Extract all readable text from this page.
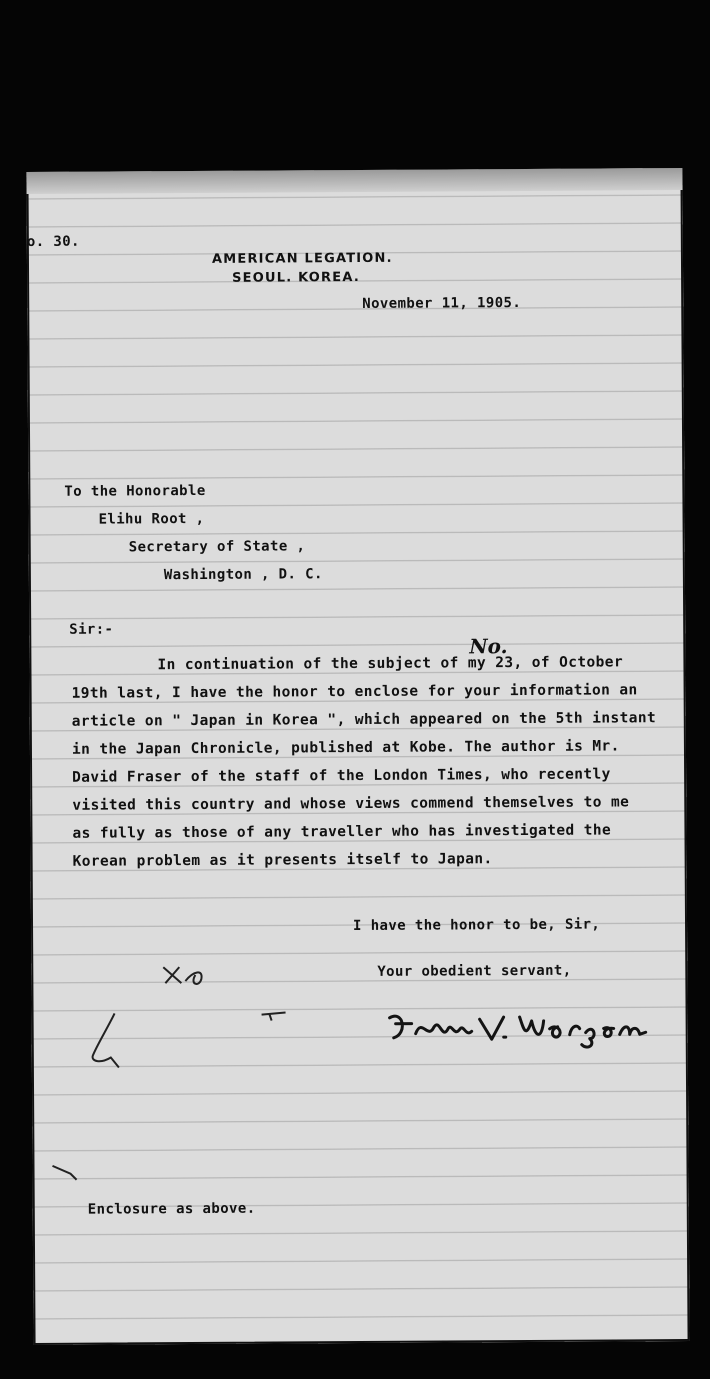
o. 30.
AMERICAN LEGATION.
SEOUL. KOREA.
November 11, 1905.
To the Honorable
Elihu Root ,
Secretary of State ,
Washington , D. C.
Sir:-
No.
In continuation of the subject of my 23, of October
19th last, I have the honor to enclose for your information an
article on " Japan in Korea ", which appeared on the 5th instant
in the Japan Chronicle, published at Kobe. The author is Mr.
David Fraser of the staff of the London Times, who recently
visited this country and whose views commend themselves to me
as fully as those of any traveller who has investigated the
Korean problem as it presents itself to Japan.
I have the honor to be, Sir,
Your obedient servant,
Enclosure as above.
